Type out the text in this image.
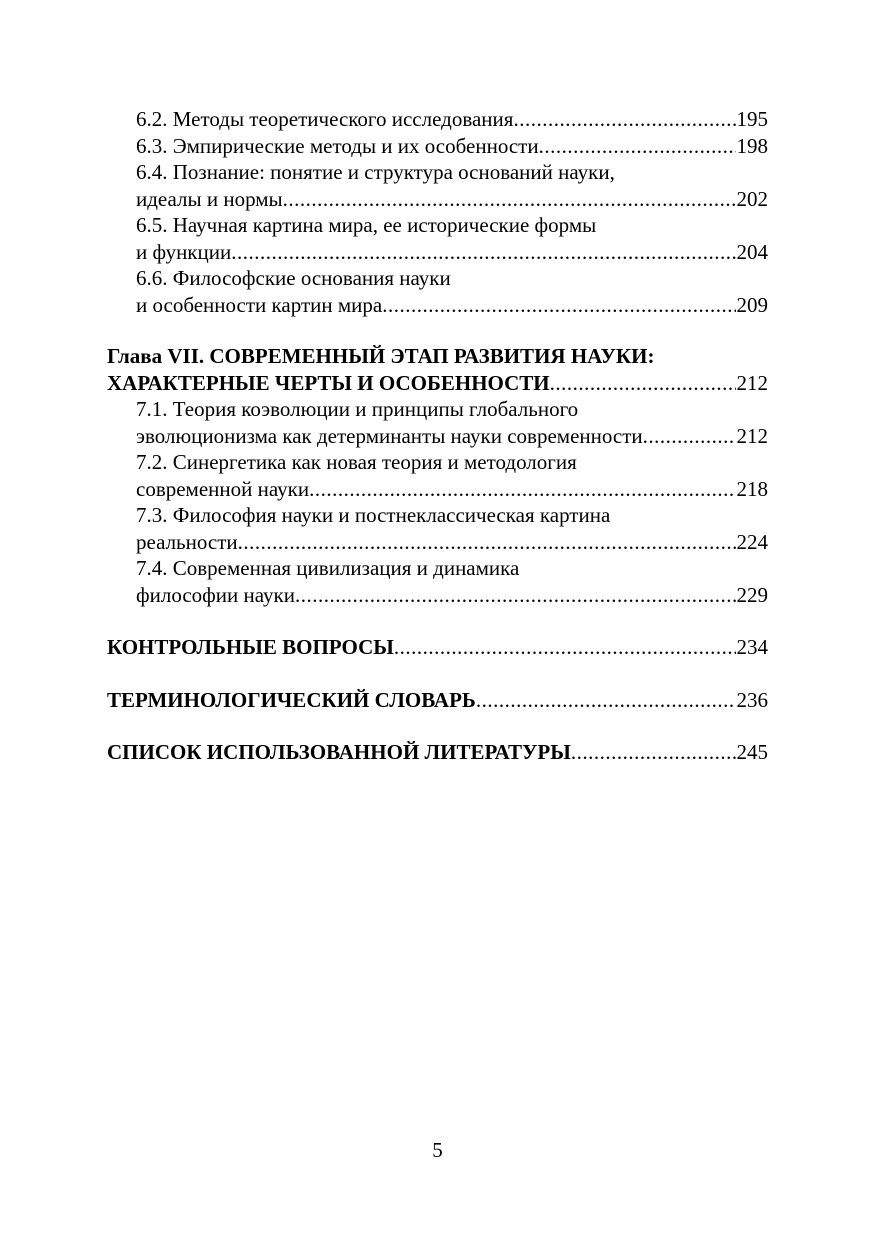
6.2. Методы теоретического исследования .....	195
6.3. Эмпирические методы и их особенности .....	198
6.4. Познание: понятие и структура оснований науки,
идеалы и нормы .....	202
6.5. Научная картина мира, ее исторические формы
и функции .....	204
6.6. Философские основания науки
и особенности картин мира .....	209
Глава VII. СОВРЕМЕННЫЙ ЭТАП РАЗВИТИЯ НАУКИ:
ХАРАКТЕРНЫЕ ЧЕРТЫ И ОСОБЕННОСТИ .....	212
7.1. Теория коэволюции и принципы глобального
эволюционизма как детерминанты науки современности .....	212
7.2. Синергетика как новая теория и методология
современной науки .....	218
7.3. Философия науки и постнеклассическая картина
реальности .....	224
7.4. Современная цивилизация и динамика
философии науки .....	229
КОНТРОЛЬНЫЕ ВОПРОСЫ .....	234
ТЕРМИНОЛОГИЧЕСКИЙ СЛОВАРЬ .....	236
СПИСОК ИСПОЛЬЗОВАННОЙ ЛИТЕРАТУРЫ .....	245
5
